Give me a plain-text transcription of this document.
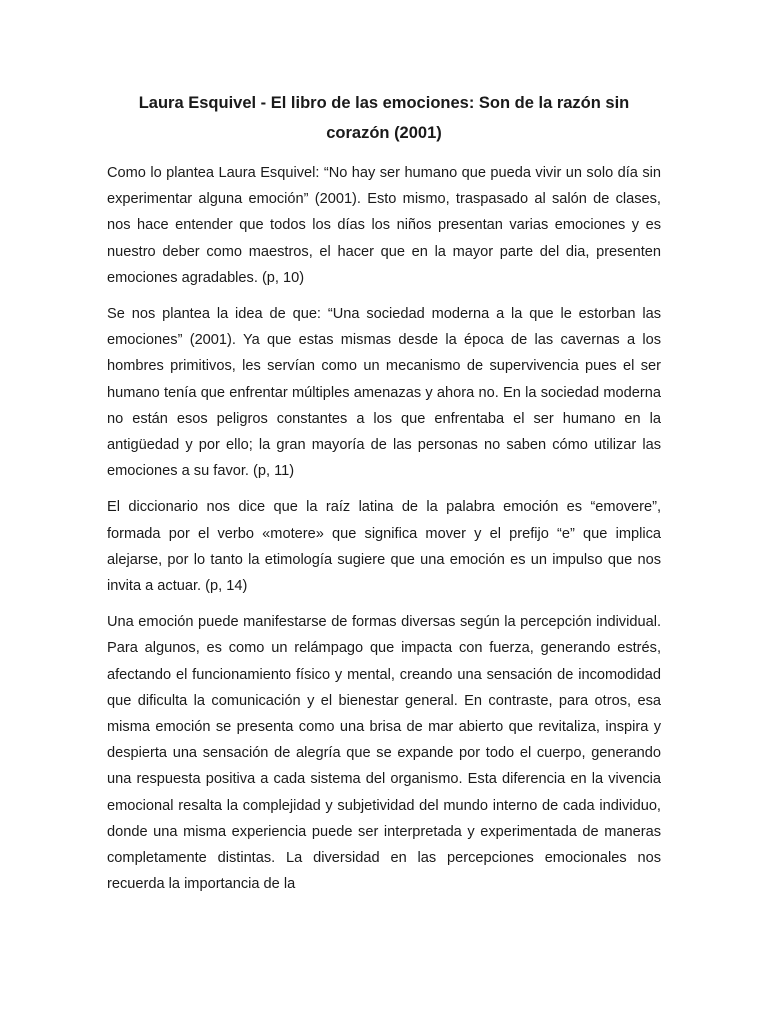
Laura Esquivel - El libro de las emociones: Son de la razón sin corazón (2001)

Como lo plantea Laura Esquivel: “No hay ser humano que pueda vivir un solo día sin experimentar alguna emoción” (2001). Esto mismo, traspasado al salón de clases, nos hace entender que todos los días los niños presentan varias emociones y es nuestro deber como maestros, el hacer que en la mayor parte del dia, presenten emociones agradables. (p, 10)

Se nos plantea la idea de que: “Una sociedad moderna a la que le estorban las emociones” (2001). Ya que estas mismas desde la época de las cavernas a los hombres primitivos, les servían como un mecanismo de supervivencia pues el ser humano tenía que enfrentar múltiples amenazas y ahora no. En la sociedad moderna no están esos peligros constantes a los que enfrentaba el ser humano en la antigüedad y por ello; la gran mayoría de las personas no saben cómo utilizar las emociones a su favor. (p, 11)

El diccionario nos dice que la raíz latina de la palabra emoción es “emovere”, formada por el verbo «motere» que significa mover y el prefijo “e” que implica alejarse, por lo tanto la etimología sugiere que una emoción es un impulso que nos invita a actuar. (p, 14)

Una emoción puede manifestarse de formas diversas según la percepción individual. Para algunos, es como un relámpago que impacta con fuerza, generando estrés, afectando el funcionamiento físico y mental, creando una sensación de incomodidad que dificulta la comunicación y el bienestar general. En contraste, para otros, esa misma emoción se presenta como una brisa de mar abierto que revitaliza, inspira y despierta una sensación de alegría que se expande por todo el cuerpo, generando una respuesta positiva a cada sistema del organismo. Esta diferencia en la vivencia emocional resalta la complejidad y subjetividad del mundo interno de cada individuo, donde una misma experiencia puede ser interpretada y experimentada de maneras completamente distintas. La diversidad en las percepciones emocionales nos recuerda la importancia de la
